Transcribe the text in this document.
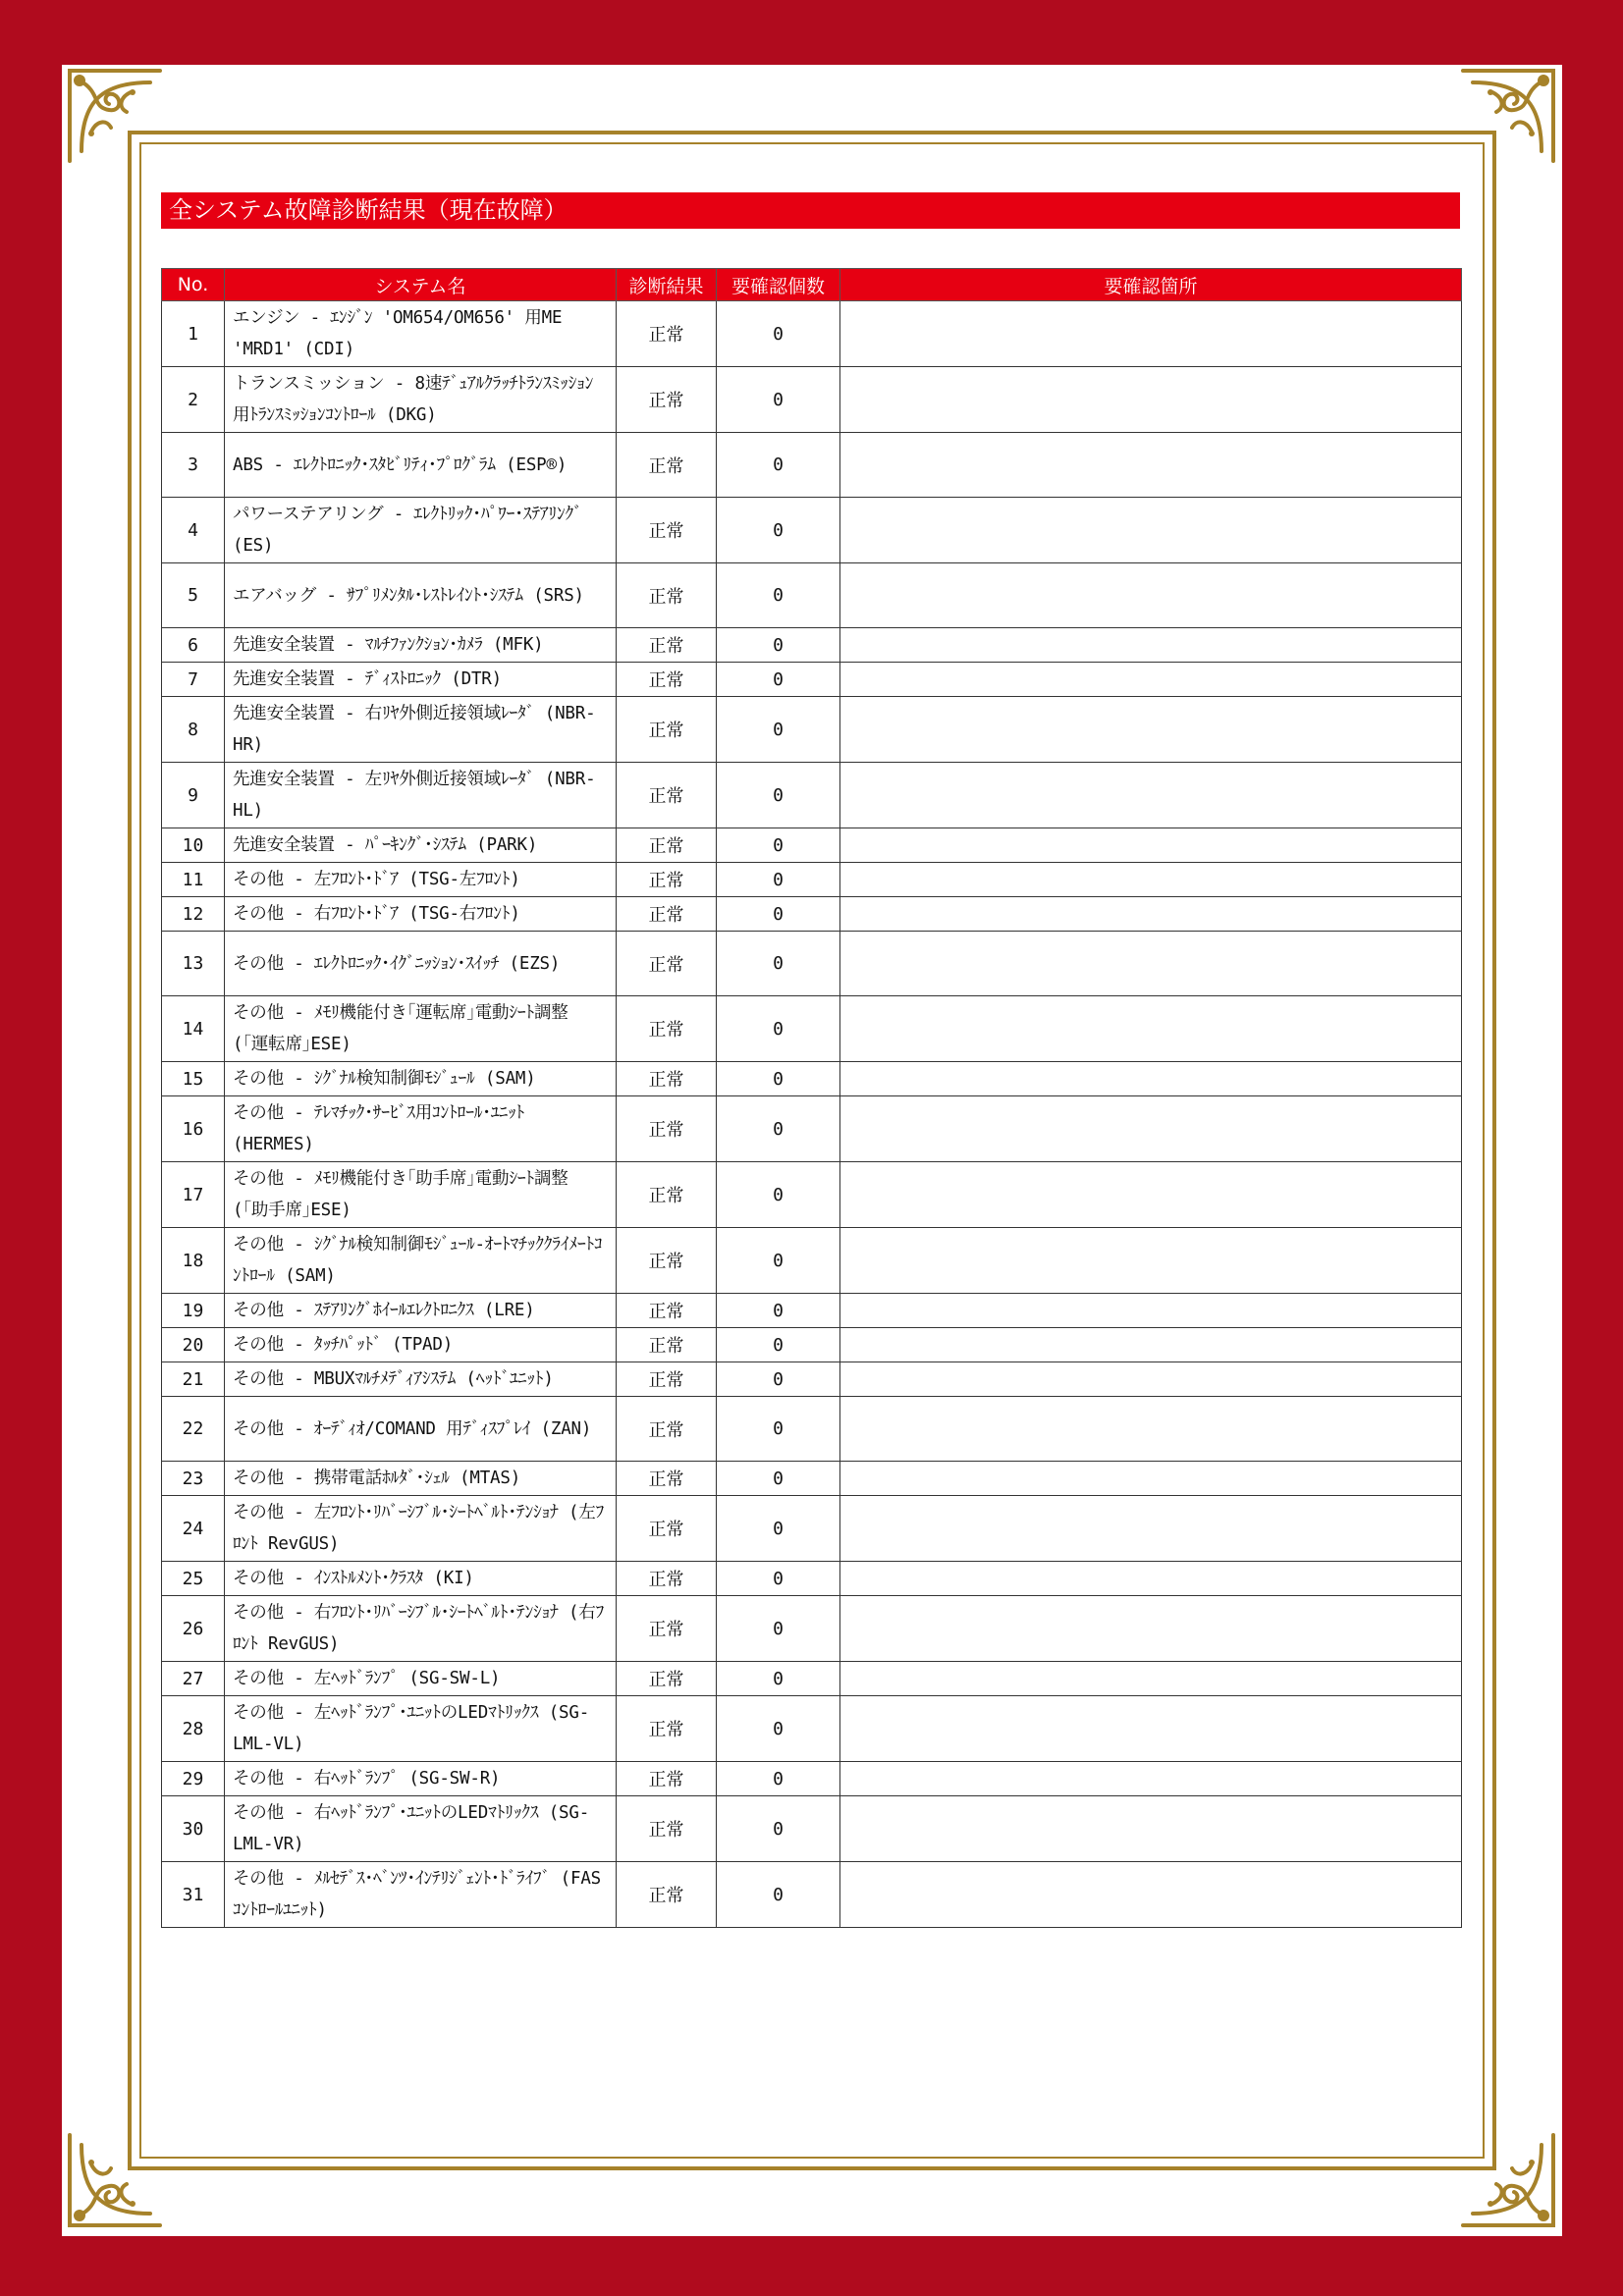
全システム故障診断結果（現在故障）
No.	システム名	診断結果	要確認個数	要確認箇所
1	エンジン - ｴﾝｼﾞﾝ 'OM654/OM656' 用ME 'MRD1' (CDI)	正常	0	
2	トランスミッション - 8速ﾃﾞｭｱﾙｸﾗｯﾁﾄﾗﾝｽﾐｯｼｮﾝ用ﾄﾗﾝｽﾐｯｼｮﾝｺﾝﾄﾛｰﾙ (DKG)	正常	0	
3	ABS - ｴﾚｸﾄﾛﾆｯｸ･ｽﾀﾋﾞﾘﾃｨ･ﾌﾟﾛｸﾞﾗﾑ (ESP®)	正常	0	
4	パワーステアリング - ｴﾚｸﾄﾘｯｸ･ﾊﾟﾜｰ･ｽﾃｱﾘﾝｸﾞ (ES)	正常	0	
5	エアバッグ - ｻﾌﾟﾘﾒﾝﾀﾙ･ﾚｽﾄﾚｲﾝﾄ･ｼｽﾃﾑ (SRS)	正常	0	
6	先進安全装置 - ﾏﾙﾁﾌｧﾝｸｼｮﾝ･ｶﾒﾗ (MFK)	正常	0	
7	先進安全装置 - ﾃﾞｨｽﾄﾛﾆｯｸ (DTR)	正常	0	
8	先進安全装置 - 右ﾘﾔ外側近接領域ﾚｰﾀﾞ (NBR-HR)	正常	0	
9	先進安全装置 - 左ﾘﾔ外側近接領域ﾚｰﾀﾞ (NBR-HL)	正常	0	
10	先進安全装置 - ﾊﾟｰｷﾝｸﾞ･ｼｽﾃﾑ (PARK)	正常	0	
11	その他 - 左ﾌﾛﾝﾄ･ﾄﾞｱ (TSG-左ﾌﾛﾝﾄ)	正常	0	
12	その他 - 右ﾌﾛﾝﾄ･ﾄﾞｱ (TSG-右ﾌﾛﾝﾄ)	正常	0	
13	その他 - ｴﾚｸﾄﾛﾆｯｸ･ｲｸﾞﾆｯｼｮﾝ･ｽｲｯﾁ (EZS)	正常	0	
14	その他 - ﾒﾓﾘ機能付き｢運転席｣電動ｼｰﾄ調整 (｢運転席｣ESE)	正常	0	
15	その他 - ｼｸﾞﾅﾙ検知制御ﾓｼﾞｭｰﾙ (SAM)	正常	0	
16	その他 - ﾃﾚﾏﾁｯｸ･ｻｰﾋﾞｽ用ｺﾝﾄﾛｰﾙ･ﾕﾆｯﾄ (HERMES)	正常	0	
17	その他 - ﾒﾓﾘ機能付き｢助手席｣電動ｼｰﾄ調整 (｢助手席｣ESE)	正常	0	
18	その他 - ｼｸﾞﾅﾙ検知制御ﾓｼﾞｭｰﾙ-ｵｰﾄﾏﾁｯｸｸﾗｲﾒｰﾄｺﾝﾄﾛｰﾙ (SAM)	正常	0	
19	その他 - ｽﾃｱﾘﾝｸﾞﾎｲｰﾙｴﾚｸﾄﾛﾆｸｽ (LRE)	正常	0	
20	その他 - ﾀｯﾁﾊﾟｯﾄﾞ (TPAD)	正常	0	
21	その他 - MBUXﾏﾙﾁﾒﾃﾞｨｱｼｽﾃﾑ (ﾍｯﾄﾞﾕﾆｯﾄ)	正常	0	
22	その他 - ｵｰﾃﾞｨｵ/COMAND 用ﾃﾞｨｽﾌﾟﾚｲ (ZAN)	正常	0	
23	その他 - 携帯電話ﾎﾙﾀﾞ･ｼｪﾙ (MTAS)	正常	0	
24	その他 - 左ﾌﾛﾝﾄ･ﾘﾊﾞｰｼﾌﾞﾙ･ｼｰﾄﾍﾞﾙﾄ･ﾃﾝｼｮﾅ (左ﾌﾛﾝﾄ RevGUS)	正常	0	
25	その他 - ｲﾝｽﾄﾙﾒﾝﾄ･ｸﾗｽﾀ (KI)	正常	0	
26	その他 - 右ﾌﾛﾝﾄ･ﾘﾊﾞｰｼﾌﾞﾙ･ｼｰﾄﾍﾞﾙﾄ･ﾃﾝｼｮﾅ (右ﾌﾛﾝﾄ RevGUS)	正常	0	
27	その他 - 左ﾍｯﾄﾞﾗﾝﾌﾟ (SG-SW-L)	正常	0	
28	その他 - 左ﾍｯﾄﾞﾗﾝﾌﾟ･ﾕﾆｯﾄのLEDﾏﾄﾘｯｸｽ (SG-LML-VL)	正常	0	
29	その他 - 右ﾍｯﾄﾞﾗﾝﾌﾟ (SG-SW-R)	正常	0	
30	その他 - 右ﾍｯﾄﾞﾗﾝﾌﾟ･ﾕﾆｯﾄのLEDﾏﾄﾘｯｸｽ (SG-LML-VR)	正常	0	
31	その他 - ﾒﾙｾﾃﾞｽ･ﾍﾞﾝﾂ･ｲﾝﾃﾘｼﾞｪﾝﾄ･ﾄﾞﾗｲﾌﾞ (FASｺﾝﾄﾛｰﾙﾕﾆｯﾄ)	正常	0	
